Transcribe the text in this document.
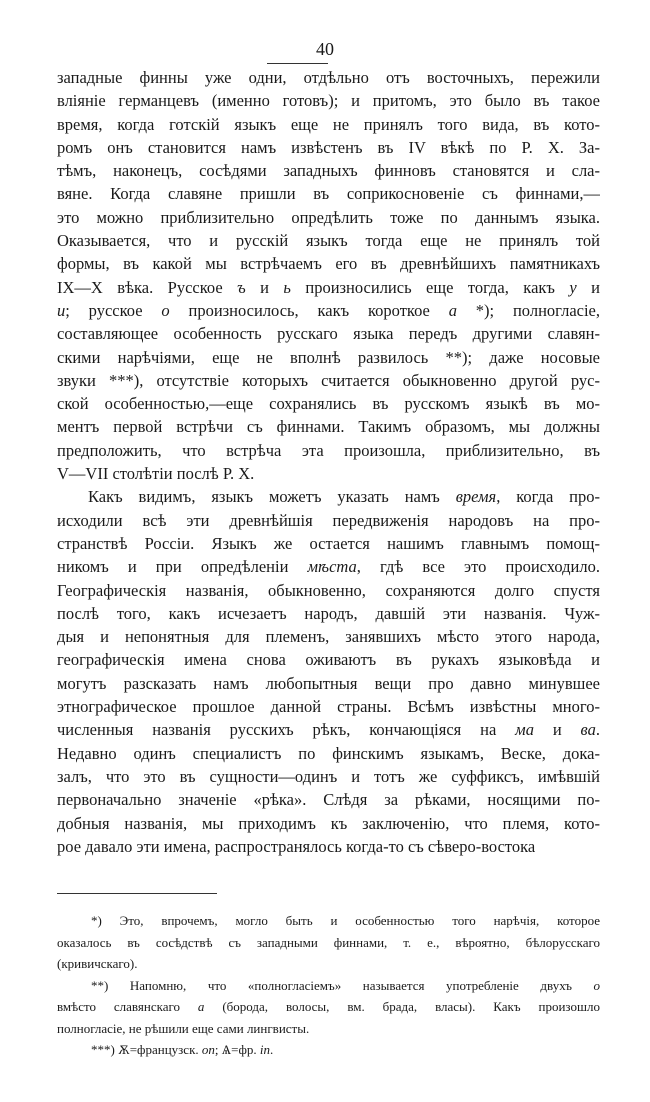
40
западные финны уже одни, отдѣльно отъ восточныхъ, пережили
вліяніе германцевъ (именно готовъ); и притомъ, это было въ такое
время, когда готскій языкъ еще не принялъ того вида, въ кото-
ромъ онъ становится намъ извѣстенъ въ IV вѣкѣ по Р. X. За-
тѣмъ, наконецъ, сосѣдями западныхъ финновъ становятся и сла-
вяне. Когда славяне пришли въ соприкосновеніе съ финнами,—
это можно приблизительно опредѣлить тоже по даннымъ языка.
Оказывается, что и русскій языкъ тогда еще не принялъ той
формы, въ какой мы встрѣчаемъ его въ древнѣйшихъ памятникахъ
IX—X вѣка. Русское ъ и ь произносились еще тогда, какъ у и
и; русское о произносилось, какъ короткое а *); полногласіе,
составляющее особенность русскаго языка передъ другими славян-
скими нарѣчіями, еще не вполнѣ развилось **); даже носовые
звуки ***), отсутствіе которыхъ считается обыкновенно другой рус-
ской особенностью,—еще сохранялись въ русскомъ языкѣ въ мо-
ментъ первой встрѣчи съ финнами. Такимъ образомъ, мы должны
предположить, что встрѣча эта произошла, приблизительно, въ
V—VII столѣтіи послѣ Р. X.
Какъ видимъ, языкъ можетъ указать намъ время, когда про-
исходили всѣ эти древнѣйшія передвиженія народовъ на про-
странствѣ Россіи. Языкъ же остается нашимъ главнымъ помощ-
никомъ и при опредѣленіи мѣста, гдѣ все это происходило.
Географическія названія, обыкновенно, сохраняются долго спустя
послѣ того, какъ исчезаетъ народъ, давшій эти названія. Чуж-
дыя и непонятныя для племенъ, занявшихъ мѣсто этого народа,
географическія имена снова оживаютъ въ рукахъ языковѣда и
могутъ разсказать намъ любопытныя вещи про давно минувшее
этнографическое прошлое данной страны. Всѣмъ извѣстны много-
численныя названія русскихъ рѣкъ, кончающіяся на ма и ва.
Недавно одинъ специалистъ по финскимъ языкамъ, Веске, дока-
залъ, что это въ сущности—одинъ и тотъ же суффиксъ, имѣвшій
первоначально значеніе «рѣка». Слѣдя за рѣками, носящими по-
добныя названія, мы приходимъ къ заключенію, что племя, кото-
рое давало эти имена, распространялось когда-то съ сѣверо-востока
*) Это, впрочемъ, могло быть и особенностью того нарѣчія, которое
оказалось въ сосѣдствѣ съ западными финнами, т. е., вѣроятно, бѣлорусскаго
(кривичскаго).
**) Напомню, что «полногласіемъ» называется употребленіе двухъ о
вмѣсто славянскаго а (борода, волосы, вм. брада, власы). Какъ произошло
полногласіе, не рѣшили еще сами лингвисты.
***) Ѫ=французск. on; Ѧ=фр. in.
